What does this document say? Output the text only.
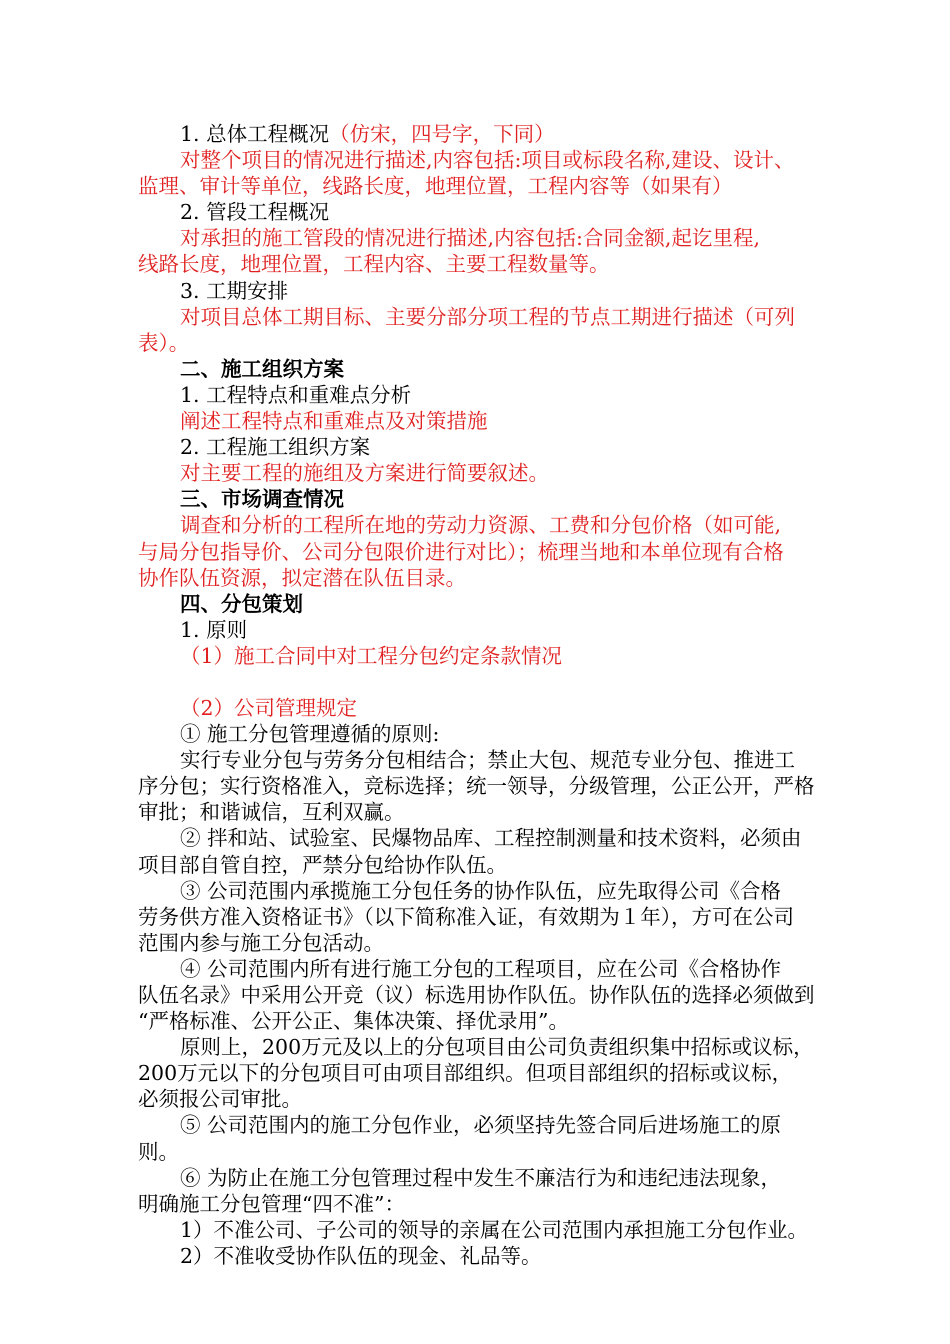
1. 总体工程概况（仿宋，四号字，下同）
对整个项目的情况进行描述,内容包括:项目或标段名称,建设、设计、
监理、审计等单位，线路长度，地理位置，工程内容等（如果有）
2. 管段工程概况
对承担的施工管段的情况进行描述,内容包括:合同金额,起讫里程,
线路长度，地理位置，工程内容、主要工程数量等。
3. 工期安排
对项目总体工期目标、主要分部分项工程的节点工期进行描述（可列
表）。
二、施工组织方案
1. 工程特点和重难点分析
阐述工程特点和重难点及对策措施
2. 工程施工组织方案
对主要工程的施组及方案进行简要叙述。
三、市场调查情况
调查和分析的工程所在地的劳动力资源、工费和分包价格（如可能,
与局分包指导价、公司分包限价进行对比）；梳理当地和本单位现有合格
协作队伍资源，拟定潜在队伍目录。
四、分包策划
1. 原则
（1）施工合同中对工程分包约定条款情况
（2）公司管理规定
① 施工分包管理遵循的原则:
实行专业分包与劳务分包相结合；禁止大包、规范专业分包、推进工
序分包；实行资格准入，竞标选择；统一领导，分级管理，公正公开，严格
审批；和谐诚信，互利双赢。
② 拌和站、试验室、民爆物品库、工程控制测量和技术资料，必须由
项目部自管自控，严禁分包给协作队伍。
③ 公司范围内承揽施工分包任务的协作队伍，应先取得公司《合格
劳务供方准入资格证书》（以下简称准入证，有效期为１年），方可在公司
范围内参与施工分包活动。
④ 公司范围内所有进行施工分包的工程项目，应在公司《合格协作
队伍名录》中采用公开竞（议）标选用协作队伍。协作队伍的选择必须做到
“严格标准、公开公正、集体决策、择优录用”。
原则上，200万元及以上的分包项目由公司负责组织集中招标或议标，
200万元以下的分包项目可由项目部组织。但项目部组织的招标或议标，
必须报公司审批。
⑤ 公司范围内的施工分包作业，必须坚持先签合同后进场施工的原
则。
⑥ 为防止在施工分包管理过程中发生不廉洁行为和违纪违法现象，
明确施工分包管理“四不准”：
1）不准公司、子公司的领导的亲属在公司范围内承担施工分包作业。
2）不准收受协作队伍的现金、礼品等。
